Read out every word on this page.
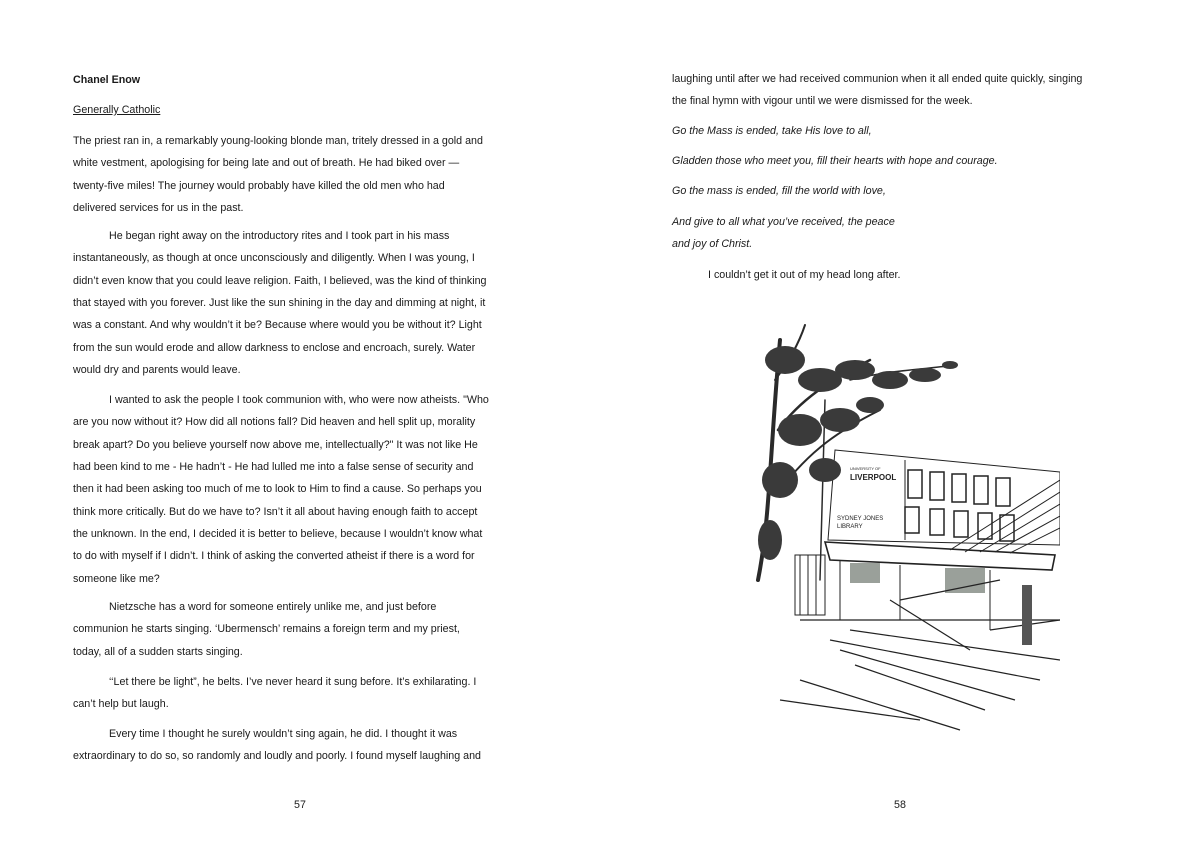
Chanel Enow
Generally Catholic
The priest ran in, a remarkably young-looking blonde man, tritely dressed in a gold and
white vestment, apologising for being late and out of breath. He had biked over —
twenty-five miles! The journey would probably have killed the old men who had
delivered services for us in the past.
He began right away on the introductory rites and I took part in his mass
instantaneously, as though at once unconsciously and diligently. When I was young, I
didn’t even know that you could leave religion. Faith, I believed, was the kind of thinking
that stayed with you forever. Just like the sun shining in the day and dimming at night, it
was a constant. And why wouldn’t it be? Because where would you be without it? Light
from the sun would erode and allow darkness to enclose and encroach, surely. Water
would dry and parents would leave.
I wanted to ask the people I took communion with, who were now atheists. "Who
are you now without it? How did all notions fall? Did heaven and hell split up, morality
break apart? Do you believe yourself now above me, intellectually?" It was not like He
had been kind to me - He hadn’t - He had lulled me into a false sense of security and
then it had been asking too much of me to look to Him to find a cause. So perhaps you
think more critically. But do we have to? Isn’t it all about having enough faith to accept
the unknown. In the end, I decided it is better to believe, because I wouldn’t know what
to do with myself if I didn’t. I think of asking the converted atheist if there is a word for
someone like me?
Nietzsche has a word for someone entirely unlike me, and just before
communion he starts singing. ‘Ubermensch’ remains a foreign term and my priest,
today, all of a sudden starts singing.
‘‘Let there be light”, he belts. I’ve never heard it sung before. It’s exhilarating. I
can’t help but laugh.
Every time I thought he surely wouldn’t sing again, he did. I thought it was
extraordinary to do so, so randomly and loudly and poorly. I found myself laughing and
57
laughing until after we had received communion when it all ended quite quickly, singing
the final hymn with vigour until we were dismissed for the week.
Go the Mass is ended, take His love to all,
Gladden those who meet you, fill their hearts with hope and courage.
Go the mass is ended, fill the world with love,
And give to all what you’ve received, the peace
and joy of Christ.
I couldn’t get it out of my head long after.
UNIVERSITY OF
LIVERPOOL
SYDNEY JONES
LIBRARY
58
